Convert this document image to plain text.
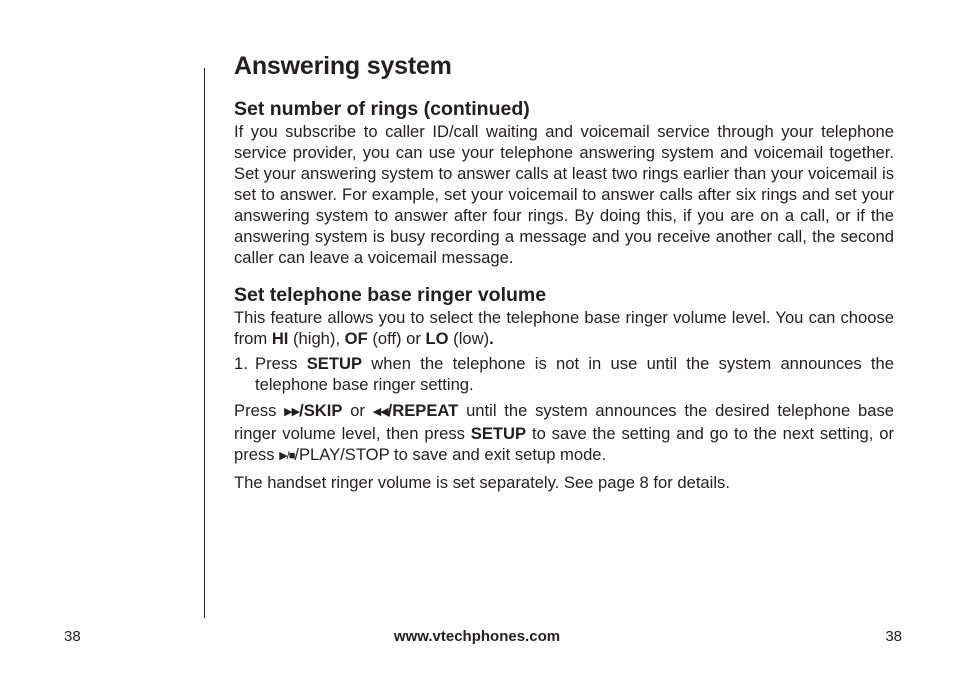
Answering system
Set number of rings (continued)

If you subscribe to caller ID/call waiting and voicemail service through your telephone service provider, you can use your telephone answering system and voicemail together. Set your answering system to answer calls at least two rings earlier than your voicemail is set to answer. For example, set your voicemail to answer calls after six rings and set your answering system to answer after four rings. By doing this, if you are on a call, or if the answering system is busy recording a message and you receive another call, the second caller can leave a voicemail message.

Set telephone base ringer volume

This feature allows you to select the telephone base ringer volume level. You can choose from HI (high), OF (off) or LO (low).

1. Press SETUP when the telephone is not in use until the system announces the telephone base ringer setting.

Press ▶▶/SKIP or ◀◀/REPEAT until the system announces the desired telephone base ringer volume level, then press SETUP to save the setting and go to the next setting, or press ▶/■/PLAY/STOP to save and exit setup mode.

The handset ringer volume is set separately. See page 8 for details.

38	www.vtechphones.com	38
